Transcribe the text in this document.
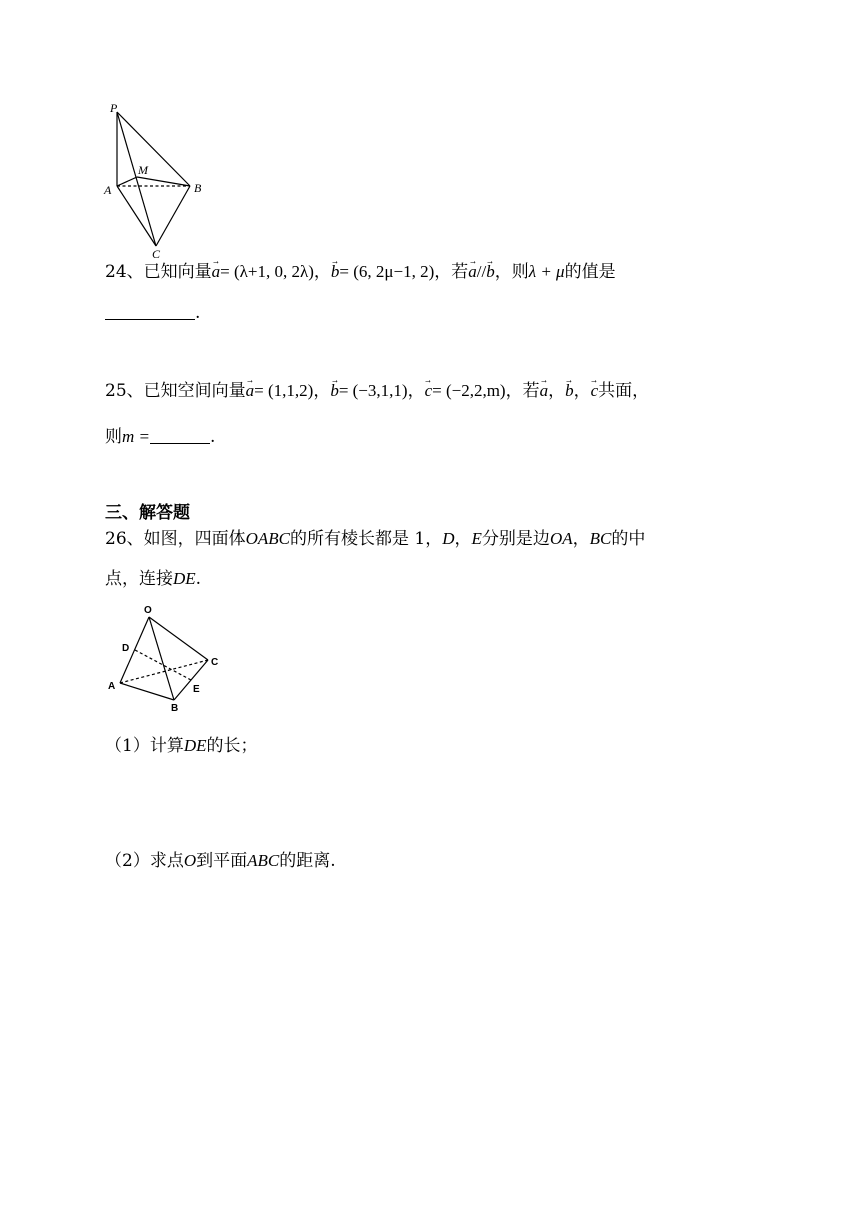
P
M
A	B
C
24、已知向量→ a= (λ+1, 0, 2λ)，→ b= (6, 2μ−1, 2)，若→ a//→ b，则λ + μ的值是
.
25、已知空间向量→ a= (1,1,2)，→ b= (−3,1,1)，→ c= (−2,2,m)，若→ a，→ b，→ c共面，
则m =	.
三、解答题
26、如图，四面体OABC的所有棱长都是 1，D，E分别是边OA，BC的中
点，连接DE.
O
D
C
A	E
B
（1）计算DE的长；
（2）求点O到平面ABC的距离.
